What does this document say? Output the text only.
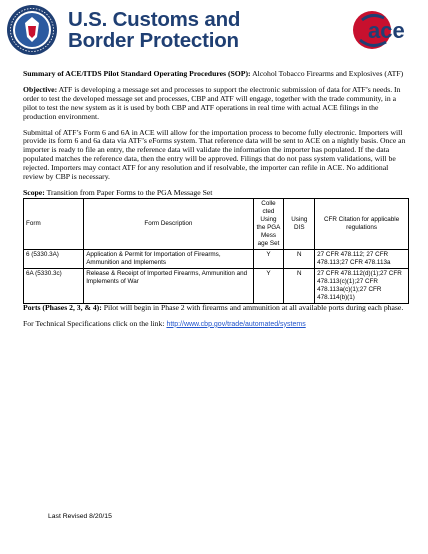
U.S. Customs and
Border Protection	ace

Summary of ACE/ITDS Pilot Standard Operating Procedures (SOP): Alcohol Tobacco Firearms and Explosives (ATF)

Objective: ATF is developing a message set and processes to support the electronic submission of data for ATF’s needs. In order to test the developed message set and processes, CBP and ATF will engage, together with the trade community, in a pilot to test the new system as it is used by both CBP and ATF operations in real time with actual ACE filings in the production environment.

Submittal of ATF’s Form 6 and 6A in ACE will allow for the importation process to become fully electronic. Importers will provide its form 6 and 6a data via ATF’s eForms system. That reference data will be sent to ACE on a nightly basis. Once an importer is ready to file an entry, the reference data will validate the information the importer has populated. If the data populated matches the reference data, then the entry will be approved. Filings that do not pass system validations, will be rejected. Importers may contact ATF for any resolution and if resolvable, the importer can refile in ACE. No additional review by CBP is necessary.

Scope: Transition from Paper Forms to the PGA Message Set

Form	Form Description	Colle cted Using the PGA Mess age Set	Using DIS	CFR Citation for applicable regulations
6 (5330.3A)	Application & Permit for Importation of Firearms, Ammunition and Implements	Y	N	27 CFR 478.112; 27 CFR 478.113;27 CFR 478.113a
6A (5330.3c)	Release & Receipt of Imported Firearms, Ammunition and Implements of War	Y	N	27 CFR 478.112(d)(1);27 CFR 478.113(c)(1);27 CFR 478.113a(c)(1);27 CFR 478.114(b)(1)

Ports (Phases 2, 3, & 4): Pilot will begin in Phase 2 with firearms and ammunition at all available ports during each phase.

For Technical Specifications click on the link: http://www.cbp.gov/trade/automated/systems

Last Revised 8/20/15
